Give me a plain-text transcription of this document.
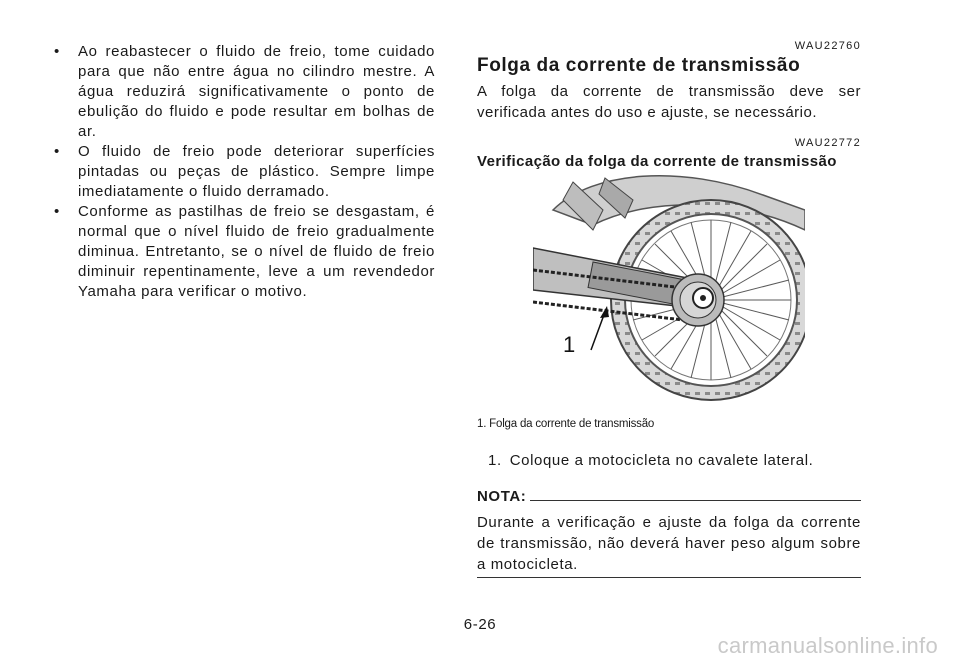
• Ao reabastecer o fluido de freio, tome cuidado para que não entre água no cilindro mestre. A água reduzirá significativamente o ponto de ebulição do fluido e pode resultar em bolhas de ar.
• O fluido de freio pode deteriorar superfícies pintadas ou peças de plástico. Sempre limpe imediatamente o fluido derramado.
• Conforme as pastilhas de freio se desgastam, é normal que o nível fluido de freio gradualmente diminua. Entretanto, se o nível de fluido de freio diminuir repentinamente, leve a um revendedor Yamaha para verificar o motivo.
WAU22760
Folga da corrente de transmissão

A folga da corrente de transmissão deve ser verificada antes do uso e ajuste, se necessário.

WAU22772
Verificação da folga da corrente de transmissão
1
1. Folga da corrente de transmissão
1. Coloque a motocicleta no cavalete lateral.
NOTA:
Durante a verificação e ajuste da folga da corrente de transmissão, não deverá haver peso algum sobre a motocicleta.
6-26
carmanualsonline.info
